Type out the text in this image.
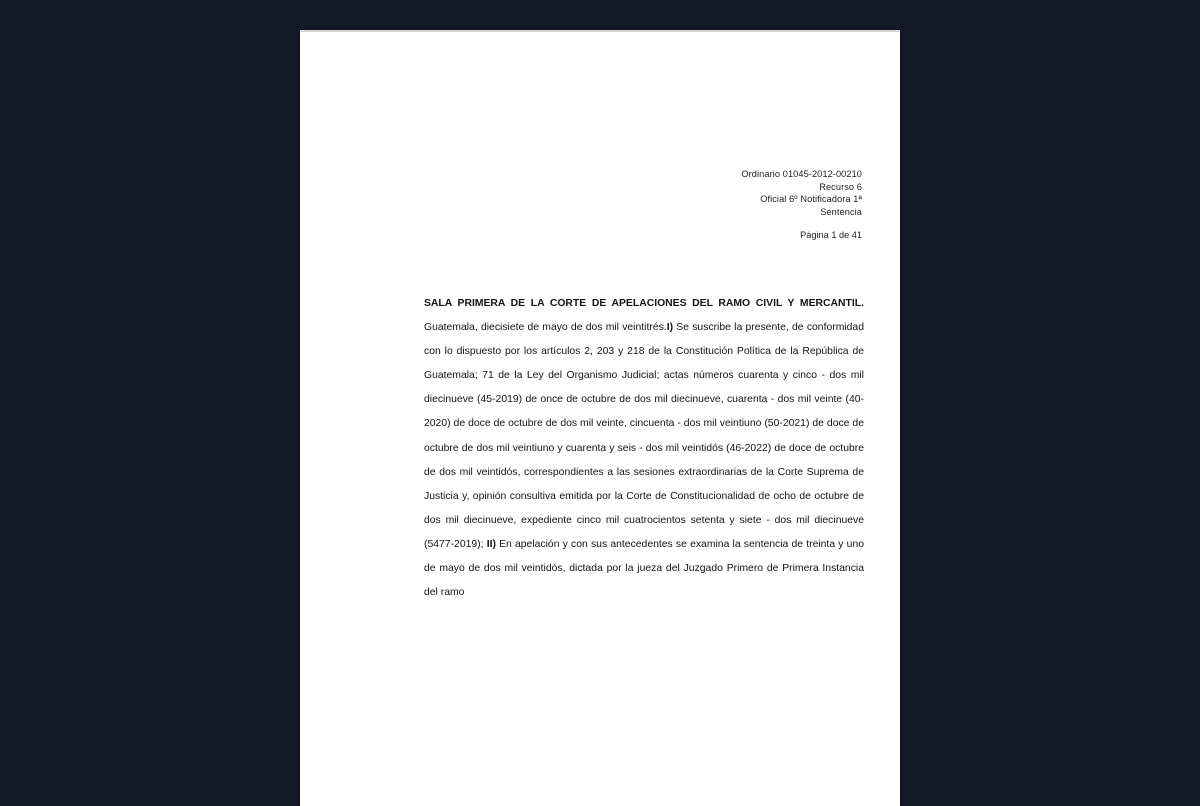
Ordinario 01045-2012-00210
Recurso 6
Oficial 6º Notificadora 1ª
Sentencia
Página 1 de 41

SALA PRIMERA DE LA CORTE DE APELACIONES DEL RAMO CIVIL Y MERCANTIL. Guatemala, diecisiete de mayo de dos mil veintitrés.I) Se suscribe la presente, de conformidad con lo dispuesto por los artículos 2, 203 y 218 de la Constitución Política de la República de Guatemala; 71 de la Ley del Organismo Judicial; actas números cuarenta y cinco - dos mil diecinueve (45-2019) de once de octubre de dos mil diecinueve, cuarenta - dos mil veinte (40-2020) de doce de octubre de dos mil veinte, cincuenta - dos mil veintiuno (50-2021) de doce de octubre de dos mil veintiuno y cuarenta y seis - dos mil veintidós (46-2022) de doce de octubre de dos mil veintidós, correspondientes a las sesiones extraordinarias de la Corte Suprema de Justicia y, opinión consultiva emitida por la Corte de Constitucionalidad de ocho de octubre de dos mil diecinueve, expediente cinco mil cuatrocientos setenta y siete - dos mil diecinueve (5477-2019); II) En apelación y con sus antecedentes se examina la sentencia de treinta y uno de mayo de dos mil veintidós, dictada por la jueza del Juzgado Primero de Primera Instancia del ramo
